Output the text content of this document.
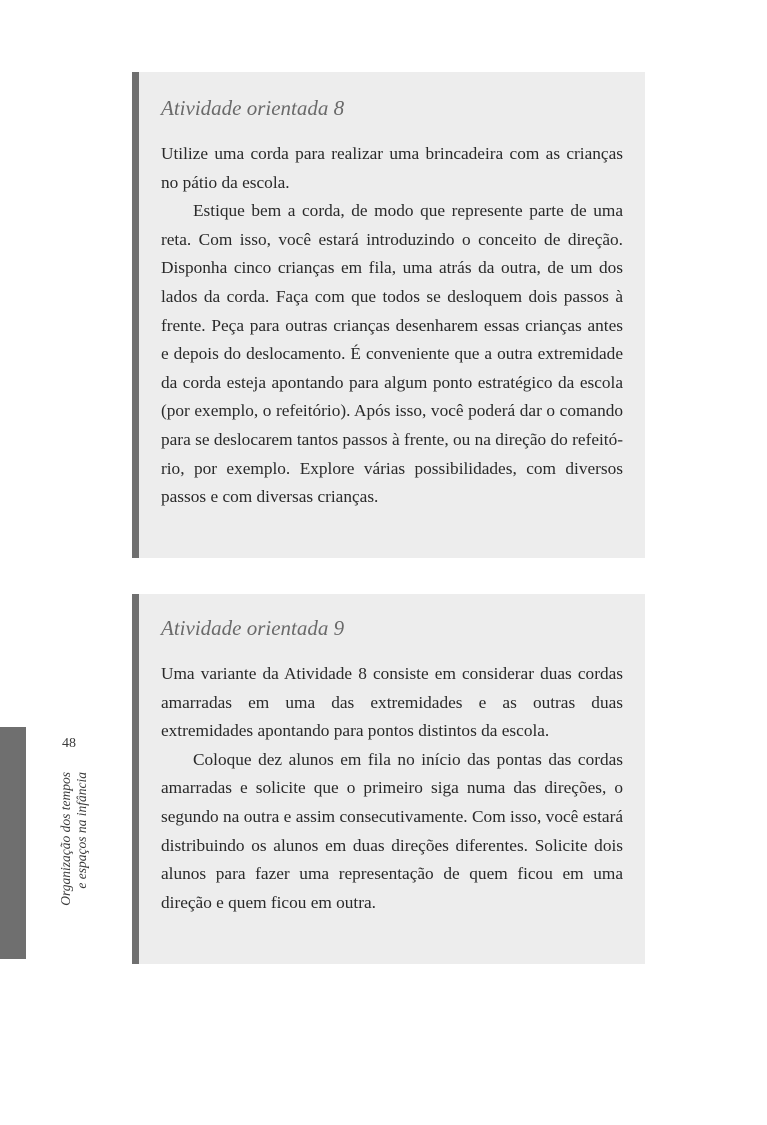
Atividade orientada 8

Utilize uma corda para realizar uma brincadeira com as crianças no pátio da escola.

Estique bem a corda, de modo que represente parte de uma reta. Com isso, você estará introduzindo o conceito de direção. Disponha cinco crianças em fila, uma atrás da outra, de um dos lados da corda. Faça com que todos se desloquem dois passos à frente. Peça para outras crianças desenharem essas crianças antes e depois do deslocamento. É conveniente que a outra extremidade da corda esteja apontando para algum ponto estratégico da escola (por exemplo, o refeitório). Após isso, você poderá dar o comando para se deslocarem tantos passos à frente, ou na direção do refeitório, por exemplo. Explore várias possibilidades, com diversos passos e com diversas crianças.

Atividade orientada 9

Uma variante da Atividade 8 consiste em considerar duas cordas amarradas em uma das extremidades e as outras duas extremidades apontando para pontos distintos da escola.

Coloque dez alunos em fila no início das pontas das cordas amarradas e solicite que o primeiro siga numa das direções, o segundo na outra e assim consecutivamente. Com isso, você estará distribuindo os alunos em duas direções diferentes. Solicite dois alunos para fazer uma representação de quem ficou em uma direção e quem ficou em outra.

48
Organização dos tempos e espaços na infância
